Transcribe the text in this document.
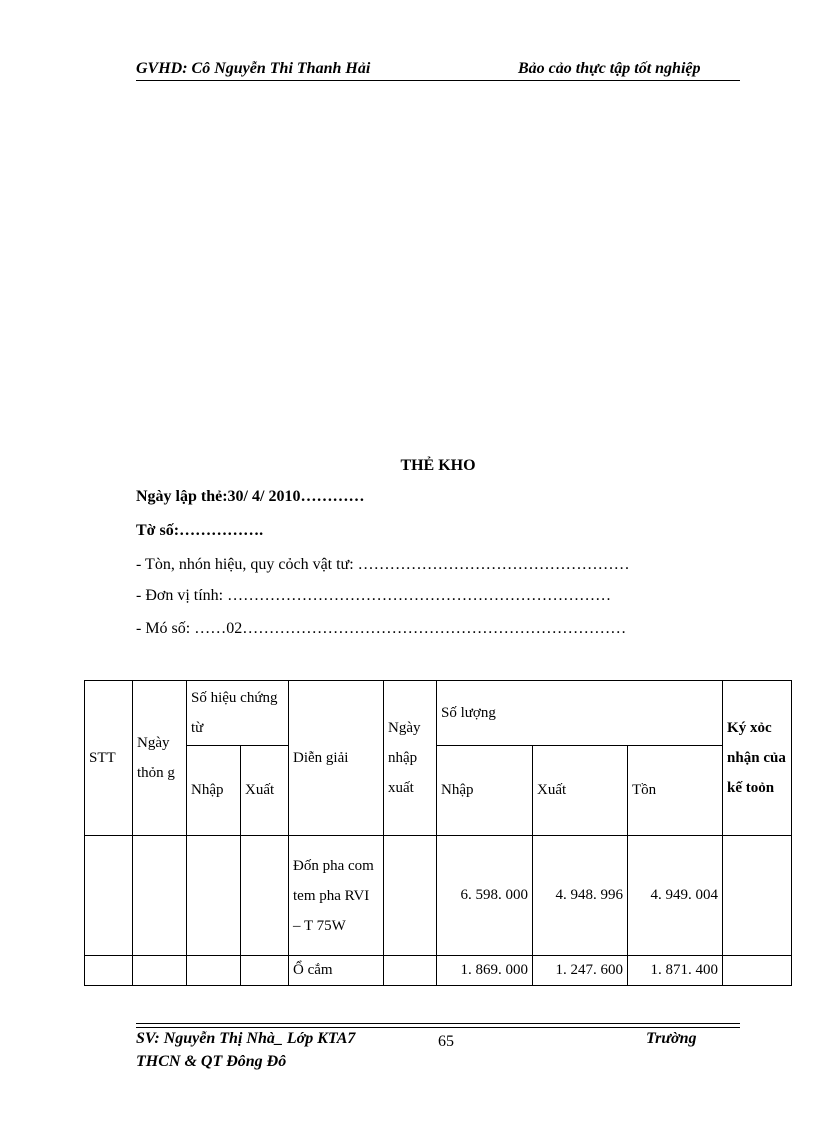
GVHD: Cô Nguyễn Thi Thanh Hải	Bảo cảo thực tập tốt nghiệp
THẺ KHO
Ngày lập thẻ:30/ 4/ 2010…………
Tờ số:…………….
- Tòn, nhón hiệu, quy cỏch vật tư: ……………………………………………
- Đơn vị tính: ………………………………………………………………
- Mó số: ……02………………………………………………………………
STT	Ngày thỏn g	Số hiệu chứng từ		Diễn giải	Ngày nhập xuất	Số lượng			Ký xỏc nhận của kế toỏn
		Nhập	Xuất			Nhập	Xuất	Tồn	
				Đốn pha com tem pha RVI – T 75W		6. 598. 000	4. 948. 996	4. 949. 004	
				Ổ cắm		1. 869. 000	1. 247. 600	1. 871. 400	
SV: Nguyễn Thị Nhà_ Lớp KTA7	65	Trường
THCN & QT Đông Đô
